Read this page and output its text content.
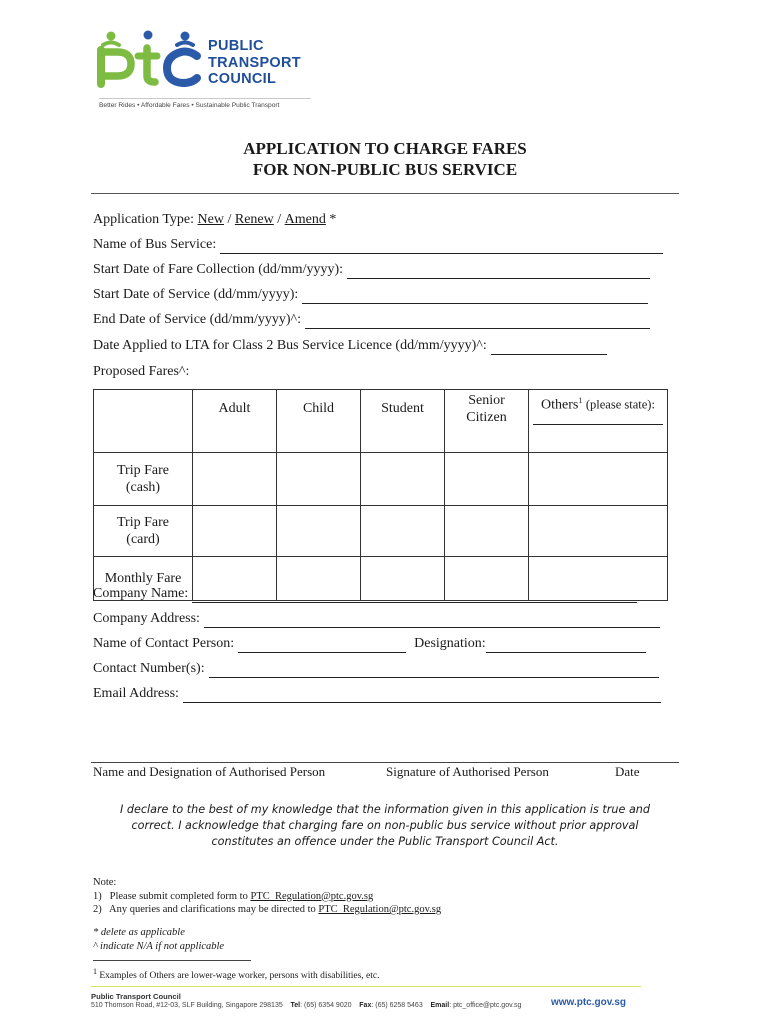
PUBLIC
TRANSPORT
COUNCIL
Better Rides • Affordable Fares • Sustainable Public Transport
APPLICATION TO CHARGE FARES
FOR NON-PUBLIC BUS SERVICE
Application Type:
New / Renew / Amend *
Name of Bus Service:
Start Date of Fare Collection (dd/mm/yyyy):
Start Date of Service (dd/mm/yyyy):
End Date of Service (dd/mm/yyyy)^:
Date Applied to LTA for Class 2 Bus Service Licence (dd/mm/yyyy)^:
Proposed Fares^:
	Adult	Child	Student	Senior Citizen	Others$^1$ (please state):

Trip Fare (cash)					

Trip Fare (card)					

Monthly Fare					
Company Name:
Company Address:
Name of Contact Person:	Designation:
Contact Number(s):
Email Address:
Name and Designation of Authorised Person	Signature of Authorised Person	Date
I declare to the best of my knowledge that the information given in this application is true and
correct. I acknowledge that charging fare on non-public bus service without prior approval
constitutes an offence under the Public Transport Council Act.
Note:
1)   Please submit completed form to PTC_Regulation@ptc.gov.sg
2)   Any queries and clarifications may be directed to PTC_Regulation@ptc.gov.sg
* delete as applicable
^ indicate N/A if not applicable
$^1$ Examples of Others are lower-wage worker, persons with disabilities, etc.
Public Transport Council
510 Thomson Road, #12-03, SLF Building, Singapore 298135 Tel: (65) 6354 9020 Fax: (65) 6258 5463 Email: ptc_office@ptc.gov.sg	www.ptc.gov.sg
